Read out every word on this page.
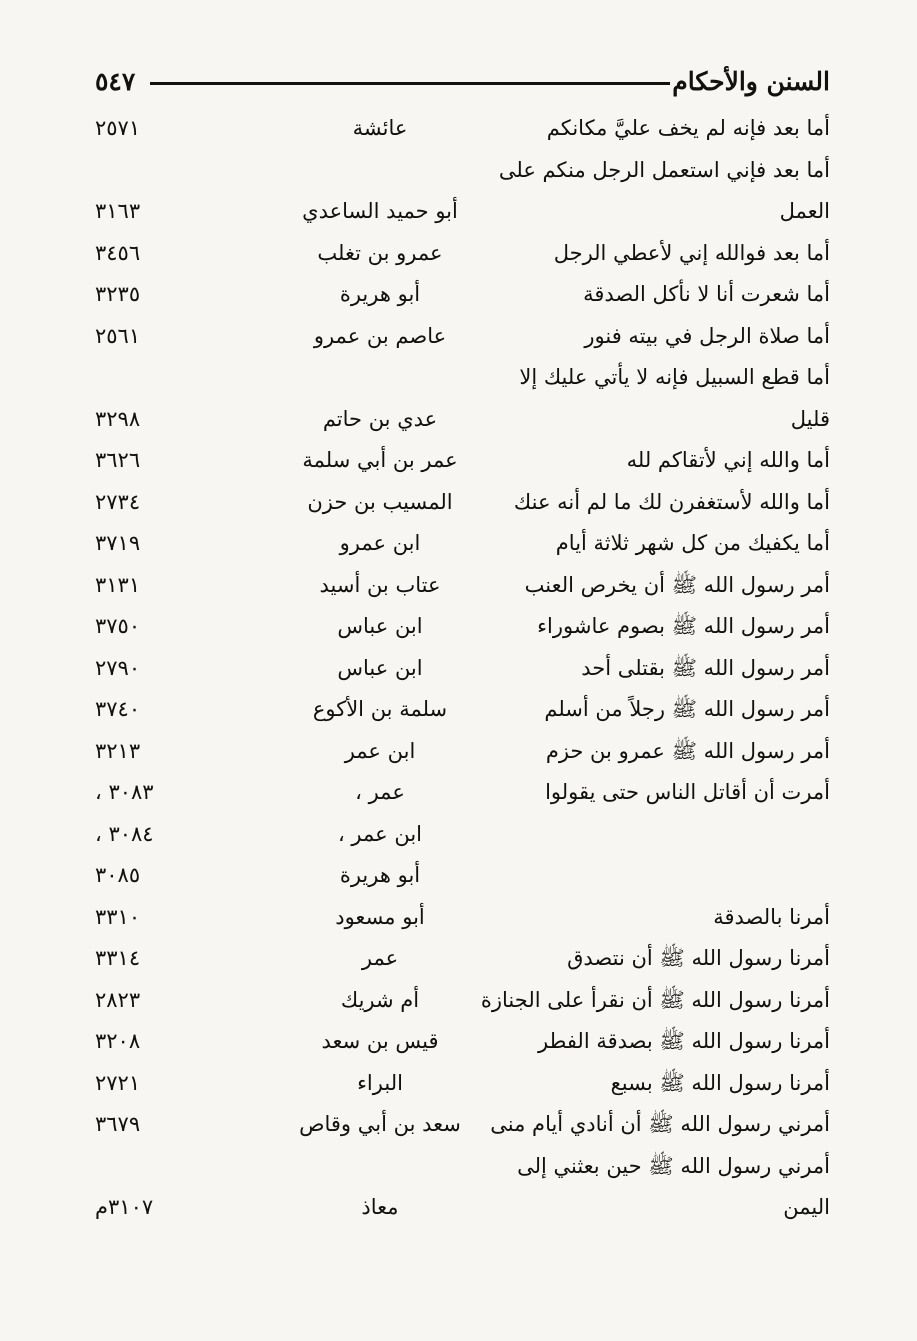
السنن والأحكام
٥٤٧
أما بعد فإنه لم يخف عليَّ مكانكم
عائشة
٢٥٧١
أما بعد فإني استعمل الرجل منكم على
العمل
أبو حميد الساعدي
٣١٦٣
أما بعد فوالله إني لأعطي الرجل
عمرو بن تغلب
٣٤٥٦
أما شعرت أنا لا نأكل الصدقة
أبو هريرة
٣٢٣٥
أما صلاة الرجل في بيته فنور
عاصم بن عمرو
٢٥٦١
أما قطع السبيل فإنه لا يأتي عليك إلا
قليل
عدي بن حاتم
٣٢٩٨
أما والله إني لأتقاكم لله
عمر بن أبي سلمة
٣٦٢٦
أما والله لأستغفرن لك ما لم أنه عنك
المسيب بن حزن
٢٧٣٤
أما يكفيك من كل شهر ثلاثة أيام
ابن عمرو
٣٧١٩
أمر رسول الله ﷺ أن يخرص العنب
عتاب بن أسيد
٣١٣١
أمر رسول الله ﷺ بصوم عاشوراء
ابن عباس
٣٧٥٠
أمر رسول الله ﷺ بقتلى أحد
ابن عباس
٢٧٩٠
أمر رسول الله ﷺ رجلاً من أسلم
سلمة بن الأكوع
٣٧٤٠
أمر رسول الله ﷺ عمرو بن حزم
ابن عمر
٣٢١٣
أمرت أن أقاتل الناس حتى يقولوا
عمر ،
٣٠٨٣ ،
ابن عمر ،
٣٠٨٤ ،
أبو هريرة
٣٠٨٥
أمرنا بالصدقة
أبو مسعود
٣٣١٠
أمرنا رسول الله ﷺ أن نتصدق
عمر
٣٣١٤
أمرنا رسول الله ﷺ أن نقرأ على الجنازة
أم شريك
٢٨٢٣
أمرنا رسول الله ﷺ بصدقة الفطر
قيس بن سعد
٣٢٠٨
أمرنا رسول الله ﷺ بسبع
البراء
٢٧٢١
أمرني رسول الله ﷺ أن أنادي أيام منى
سعد بن أبي وقاص
٣٦٧٩
أمرني رسول الله ﷺ حين بعثني إلى
اليمن
معاذ
٣١٠٧م
